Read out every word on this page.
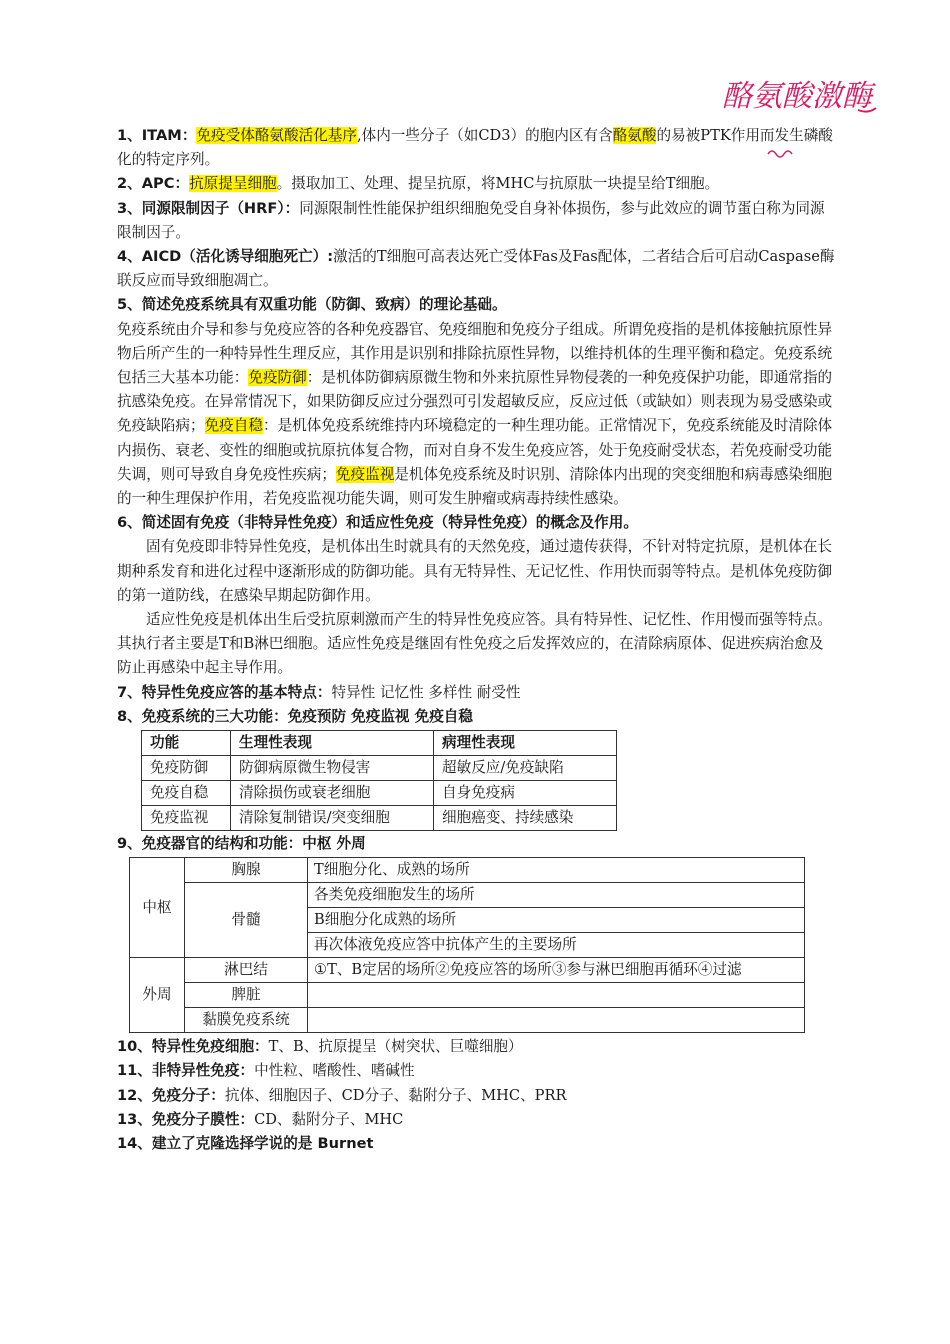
酪氨酸激酶

1、ITAM：免疫受体酪氨酸活化基序,体内一些分子（如CD3）的胞内区有含酪氨酸的易被PTK作用而发生磷酸化的特定序列。

2、APC：抗原提呈细胞。摄取加工、处理、提呈抗原，将MHC与抗原肽一块提呈给T细胞。

3、同源限制因子（HRF）：同源限制性性能保护组织细胞免受自身补体损伤，参与此效应的调节蛋白称为同源限制因子。

4、AICD（活化诱导细胞死亡）:激活的T细胞可高表达死亡受体Fas及Fas配体，二者结合后可启动Caspase酶联反应而导致细胞凋亡。

5、简述免疫系统具有双重功能（防御、致病）的理论基础。

免疫系统由介导和参与免疫应答的各种免疫器官、免疫细胞和免疫分子组成。所谓免疫指的是机体接触抗原性异物后所产生的一种特异性生理反应，其作用是识别和排除抗原性异物，以维持机体的生理平衡和稳定。免疫系统包括三大基本功能：免疫防御：是机体防御病原微生物和外来抗原性异物侵袭的一种免疫保护功能，即通常指的抗感染免疫。在异常情况下，如果防御反应过分强烈可引发超敏反应，反应过低（或缺如）则表现为易受感染或免疫缺陷病；免疫自稳：是机体免疫系统维持内环境稳定的一种生理功能。正常情况下，免疫系统能及时清除体内损伤、衰老、变性的细胞或抗原抗体复合物，而对自身不发生免疫应答，处于免疫耐受状态，若免疫耐受功能失调，则可导致自身免疫性疾病；免疫监视是机体免疫系统及时识别、清除体内出现的突变细胞和病毒感染细胞的一种生理保护作用，若免疫监视功能失调，则可发生肿瘤或病毒持续性感染。

6、简述固有免疫（非特异性免疫）和适应性免疫（特异性免疫）的概念及作用。

固有免疫即非特异性免疫，是机体出生时就具有的天然免疫，通过遗传获得，不针对特定抗原，是机体在长期种系发育和进化过程中逐渐形成的防御功能。具有无特异性、无记忆性、作用快而弱等特点。是机体免疫防御的第一道防线，在感染早期起防御作用。

适应性免疫是机体出生后受抗原刺激而产生的特异性免疫应答。具有特异性、记忆性、作用慢而强等特点。其执行者主要是T和B淋巴细胞。适应性免疫是继固有性免疫之后发挥效应的，在清除病原体、促进疾病治愈及防止再感染中起主导作用。

7、特异性免疫应答的基本特点：特异性 记忆性 多样性 耐受性

8、免疫系统的三大功能：免疫预防 免疫监视 免疫自稳

功能	生理性表现	病理性表现
免疫防御	防御病原微生物侵害	超敏反应/免疫缺陷
免疫自稳	清除损伤或衰老细胞	自身免疫病
免疫监视	清除复制错误/突变细胞	细胞癌变、持续感染

9、免疫器官的结构和功能：中枢 外周

中枢	胸腺	T细胞分化、成熟的场所
	骨髓	各类免疫细胞发生的场所
		B细胞分化成熟的场所
		再次体液免疫应答中抗体产生的主要场所
外周	淋巴结	①T、B定居的场所②免疫应答的场所③参与淋巴细胞再循环④过滤
	脾脏	
	黏膜免疫系统	

10、特异性免疫细胞：T、B、抗原提呈（树突状、巨噬细胞）

11、非特异性免疫：中性粒、嗜酸性、嗜碱性

12、免疫分子：抗体、细胞因子、CD分子、黏附分子、MHC、PRR

13、免疫分子膜性：CD、黏附分子、MHC

14、建立了克隆选择学说的是 Burnet
